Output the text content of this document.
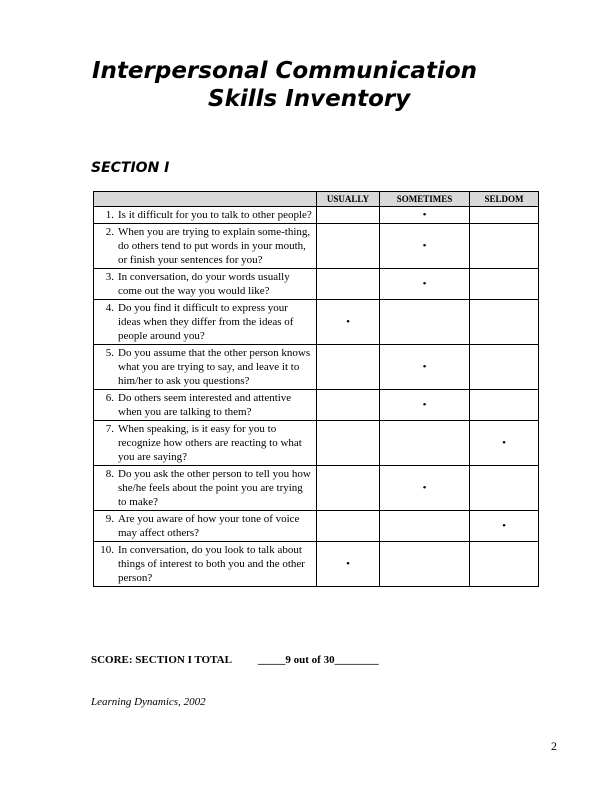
Interpersonal Communication
Skills Inventory
SECTION I
	USUALLY	SOMETIMES	SELDOM

1. Is it difficult for you to talk to other people?		•	

2. When you are trying to explain some-thing, do others tend to put words in your mouth, or finish your sentences for you?		•	

3. In conversation, do your words usually come out the way you would like?		•	

4. Do you find it difficult to express your ideas when they differ from the ideas of people around you?	•		

5. Do you assume that the other person knows what you are trying to say, and leave it to him/her to ask you questions?		•	

6. Do others seem interested and attentive when you are talking to them?		•	

7. When speaking, is it easy for you to recognize how others are reacting to what you are saying?			•

8. Do you ask the other person to tell you how she/he feels about the point you are trying to make?		•	

9. Are you aware of how your tone of voice may affect others?			•

10. In conversation, do you look to talk about things of interest to both you and the other person?	•		
SCORE: SECTION I TOTAL _____9 out of 30________
Learning Dynamics, 2002
2
